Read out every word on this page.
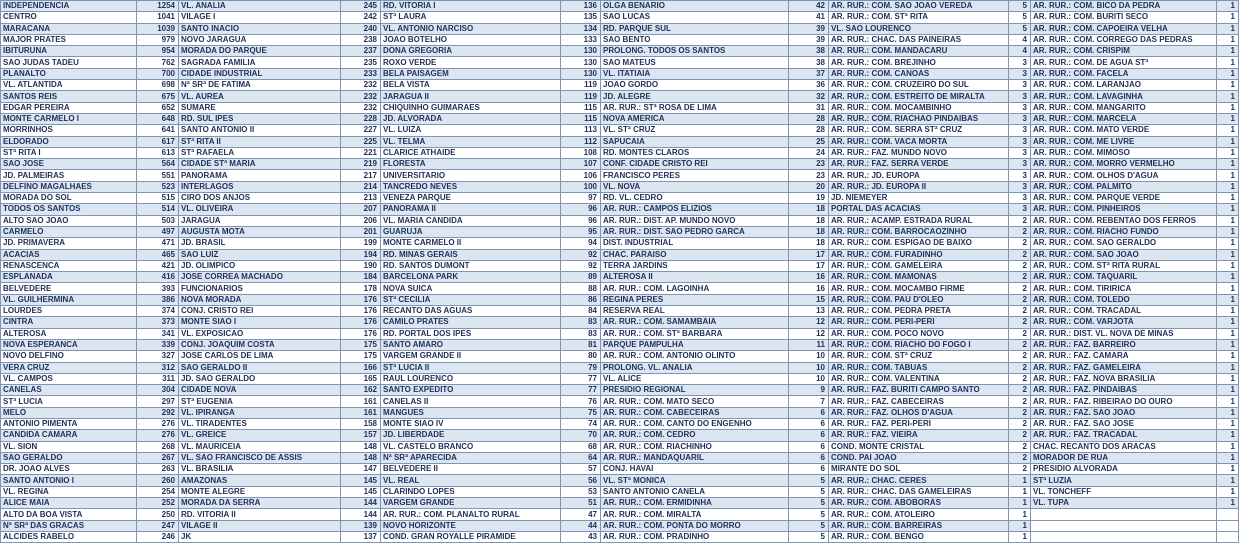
INDEPENDENCIA	1254	VL. ANALIA	245	RD. VITORIA I	136	OLGA BENARIO	42	AR. RUR.: COM. SAO JOAO VEREDA	5	AR. RUR.: COM. BICO DA PEDRA	1
CENTRO	1041	VILAGE I	242	STª LAURA	135	SAO LUCAS	41	AR. RUR.: COM. STª RITA	5	AR. RUR.: COM. BURITI SECO	1
MARACANA	1039	SANTO INACIO	240	VL. ANTONIO NARCISO	134	RD. PARQUE SUL	39	VL. SAO LOURENCO	5	AR. RUR.: COM. CAPOEIRA VELHA	1
MAJOR PRATES	979	NOVO JARAGUA	238	JOAO BOTELHO	133	SAO BENTO	39	AR. RUR.: CHAC. DAS PAINEIRAS	4	AR. RUR.: COM. CORREGO DAS PEDRAS	1
IBITURUNA	954	MORADA DO PARQUE	237	DONA GREGORIA	130	PROLONG. TODOS OS SANTOS	38	AR. RUR.: COM. MANDACARU	4	AR. RUR.: COM. CRISPIM	1
SAO JUDAS TADEU	762	SAGRADA FAMILIA	235	ROXO VERDE	130	SAO MATEUS	38	AR. RUR.: COM. BREJINHO	3	AR. RUR.: COM. DE AGUA STª	1
PLANALTO	700	CIDADE INDUSTRIAL	233	BELA PAISAGEM	130	VL. ITATIAIA	37	AR. RUR.: COM. CANOAS	3	AR. RUR.: COM. FACELA	1
VL. ATLANTIDA	698	Nª SRª DE FATIMA	232	BELA VISTA	119	JOAO GORDO	36	AR. RUR.: COM. CRUZEIRO DO SUL	3	AR. RUR.: COM. LARANJAO	1
SANTOS REIS	675	VL. AUREA	232	JARAGUA II	119	JD. ALEGRE	32	AR. RUR.: COM. ESTREITO DE MIRALTA	3	AR. RUR.: COM. LAVAGINHA	1
EDGAR PEREIRA	652	SUMARE	232	CHIQUINHO GUIMARAES	115	AR. RUR.: STª ROSA DE LIMA	31	AR. RUR.: COM. MOCAMBINHO	3	AR. RUR.: COM. MANGARITO	1
MONTE CARMELO I	648	RD. SUL IPES	228	JD. ALVORADA	115	NOVA AMERICA	28	AR. RUR.: COM. RIACHAO PINDAIBAS	3	AR. RUR.: COM. MARCELA	1
MORRINHOS	641	SANTO ANTONIO II	227	VL. LUIZA	113	VL. STª CRUZ	28	AR. RUR.: COM. SERRA STª CRUZ	3	AR. RUR.: COM. MATO VERDE	1
ELDORADO	617	STª RITA II	225	VL. TELMA	112	SAPUCAIA	25	AR. RUR.: COM. VACA MORTA	3	AR. RUR.: COM. ME LIVRE	1
STª RITA I	613	STª RAFAELA	221	CLARICE ATHAIDE	108	RD. MONTES CLAROS	24	AR. RUR.: FAZ. MUNDO NOVO	3	AR. RUR.: COM. MIMOSO	1
SAO JOSE	564	CIDADE STª MARIA	219	FLORESTA	107	CONF. CIDADE CRISTO REI	23	AR. RUR.: FAZ. SERRA VERDE	3	AR. RUR.: COM. MORRO VERMELHO	1
JD. PALMEIRAS	551	PANORAMA	217	UNIVERSITARIO	106	FRANCISCO PERES	23	AR. RUR.: JD. EUROPA	3	AR. RUR.: COM. OLHOS D'AGUA	1
DELFINO MAGALHAES	523	INTERLAGOS	214	TANCREDO NEVES	100	VL. NOVA	20	AR. RUR.: JD. EUROPA II	3	AR. RUR.: COM. PALMITO	1
MORADA DO SOL	515	CIRO DOS ANJOS	213	VENEZA PARQUE	97	RD. VL. CEDRO	19	JD. NIEMEYER	3	AR. RUR.: COM. PARQUE VERDE	1
TODOS OS SANTOS	514	VL. OLIVEIRA	207	PANORAMA II	96	AR. RUR.: CAMPOS ELIZIOS	18	PORTAL DAS ACACIAS	3	AR. RUR.: COM. PINHEIROS	1
ALTO SAO JOAO	503	JARAGUA	206	VL. MARIA CANDIDA	96	AR. RUR.: DIST. AP. MUNDO NOVO	18	AR. RUR.: ACAMP. ESTRADA RURAL	2	AR. RUR.: COM. REBENTAO DOS FERROS	1
CARMELO	497	AUGUSTA MOTA	201	GUARUJA	95	AR. RUR.: DIST. SAO PEDRO GARCA	18	AR. RUR.: COM. BARROCAOZINHO	2	AR. RUR.: COM. RIACHO FUNDO	1
JD. PRIMAVERA	471	JD. BRASIL	199	MONTE CARMELO II	94	DIST. INDUSTRIAL	18	AR. RUR.: COM. ESPIGAO DE BAIXO	2	AR. RUR.: COM. SAO GERALDO	1
ACACIAS	465	SAO LUIZ	194	RD. MINAS GERAIS	92	CHAC. PARAISO	17	AR. RUR.: COM. FURADINHO	2	AR. RUR.: COM. SAO JOAO	1
RENASCENCA	421	JD. OLIMPICO	190	RD. SANTOS DUMONT	92	TERRA JARDINS	17	AR. RUR.: COM. GAMELEIRA	2	AR. RUR.: COM. STª RITA RURAL	1
ESPLANADA	416	JOSE CORREA MACHADO	184	BARCELONA PARK	89	ALTEROSA II	16	AR. RUR.: COM. MAMONAS	2	AR. RUR.: COM. TAQUARIL	1
BELVEDERE	393	FUNCIONARIOS	178	NOVA SUICA	88	AR. RUR.: COM. LAGOINHA	16	AR. RUR.: COM. MOCAMBO FIRME	2	AR. RUR.: COM. TIRIRICA	1
VL. GUILHERMINA	386	NOVA MORADA	176	STª CECILIA	86	REGINA PERES	15	AR. RUR.: COM. PAU D'OLEO	2	AR. RUR.: COM. TOLEDO	1
LOURDES	374	CONJ. CRISTO REI	176	RECANTO DAS AGUAS	84	RESERVA REAL	13	AR. RUR.: COM. PEDRA PRETA	2	AR. RUR.: COM. TRACADAL	1
CINTRA	373	MONTE SIAO I	176	CAMILO PRATES	83	AR. RUR.: COM. SAMAMBAIA	12	AR. RUR.: COM. PERI-PERI	2	AR. RUR.: COM. VARJOTA	1
ALTEROSA	341	VL. EXPOSICAO	176	RD. PORTAL DOS IPES	83	AR. RUR.: COM. STª BARBARA	12	AR. RUR.: COM. POCO NOVO	2	AR. RUR.: DIST. VL. NOVA DE MINAS	1
NOVA ESPERANCA	339	CONJ. JOAQUIM COSTA	175	SANTO AMARO	81	PARQUE PAMPULHA	11	AR. RUR.: COM. RIACHO DO FOGO I	2	AR. RUR.: FAZ. BARREIRO	1
NOVO DELFINO	327	JOSE CARLOS DE LIMA	175	VARGEM GRANDE II	80	AR. RUR.: COM. ANTONIO OLINTO	10	AR. RUR.: COM. STª CRUZ	2	AR. RUR.: FAZ. CAMARA	1
VERA CRUZ	312	SAO GERALDO II	166	STª LUCIA II	79	PROLONG. VL. ANALIA	10	AR. RUR.: COM. TABUAS	2	AR. RUR.: FAZ. GAMELEIRA	1
VL. CAMPOS	311	JD. SAO GERALDO	165	RAUL LOURENCO	77	VL. ALICE	10	AR. RUR.: COM. VALENTINA	2	AR. RUR.: FAZ. NOVA BRASILIA	1
CANELAS	304	CIDADE NOVA	162	SANTO EXPEDITO	77	PRESIDIO REGIONAL	9	AR. RUR.: FAZ. BURITI CAMPO SANTO	2	AR. RUR.: FAZ. PINDAIBAS	1
STª LUCIA	297	STª EUGENIA	161	CANELAS II	76	AR. RUR.: COM. MATO SECO	7	AR. RUR.: FAZ. CABECEIRAS	2	AR. RUR.: FAZ. RIBEIRAO DO OURO	1
MELO	292	VL. IPIRANGA	161	MANGUES	75	AR. RUR.: COM. CABECEIRAS	6	AR. RUR.: FAZ. OLHOS D'AGUA	2	AR. RUR.: FAZ. SAO JOAO	1
ANTONIO PIMENTA	276	VL. TIRADENTES	158	MONTE SIAO IV	74	AR. RUR.: COM. CANTO DO ENGENHO	6	AR. RUR.: FAZ. PERI-PERI	2	AR. RUR.: FAZ. SAO JOSE	1
CANDIDA CAMARA	276	VL. GREICE	157	JD. LIBERDADE	70	AR. RUR.: COM. CEDRO	6	AR. RUR.: FAZ. VIEIRA	2	AR. RUR.: FAZ. TRACADAL	1
VL. SION	268	VL. MAURICEIA	148	VL. CASTELO BRANCO	68	AR. RUR.: COM. RIACHINHO	6	COND. MONTE CRISTAL	2	CHAC. RECANTO DOS ARACAS	1
SAO GERALDO	267	VL. SAO FRANCISCO DE ASSIS	148	Nª SRª APARECIDA	64	AR. RUR.: MANDAQUARIL	6	COND. PAI JOAO	2	MORADOR DE RUA	1
DR. JOAO ALVES	263	VL. BRASILIA	147	BELVEDERE II	57	CONJ. HAVAI	6	MIRANTE DO SOL	2	PRESIDIO ALVORADA	1
SANTO ANTONIO I	260	AMAZONAS	145	VL. REAL	56	VL. STª MONICA	5	AR. RUR.: CHAC. CERES	1	STª LUZIA	1
VL. REGINA	254	MONTE ALEGRE	145	CLARINDO LOPES	53	SANTO ANTONIO CANELA	5	AR. RUR.: CHAC. DAS GAMELEIRAS	1	VL. TONCHEFF	1
ALICE MAIA	252	MORADA DA SERRA	144	VARGEM GRANDE	51	AR. RUR.: COM. ERMIDINHA	5	AR. RUR.: COM. ABOBORAS	1	VL. TUPA	1
ALTO DA BOA VISTA	250	RD. VITORIA II	144	AR. RUR.: COM. PLANALTO RURAL	47	AR. RUR.: COM. MIRALTA	5	AR. RUR.: COM. ATOLEIRO	1		
Nª SRª DAS GRACAS	247	VILAGE II	139	NOVO HORIZONTE	44	AR. RUR.: COM. PONTA DO MORRO	5	AR. RUR.: COM. BARREIRAS	1		
ALCIDES RABELO	246	JK	137	COND. GRAN ROYALLE PIRAMIDE	43	AR. RUR.: COM. PRADINHO	5	AR. RUR.: COM. BENGO	1		
